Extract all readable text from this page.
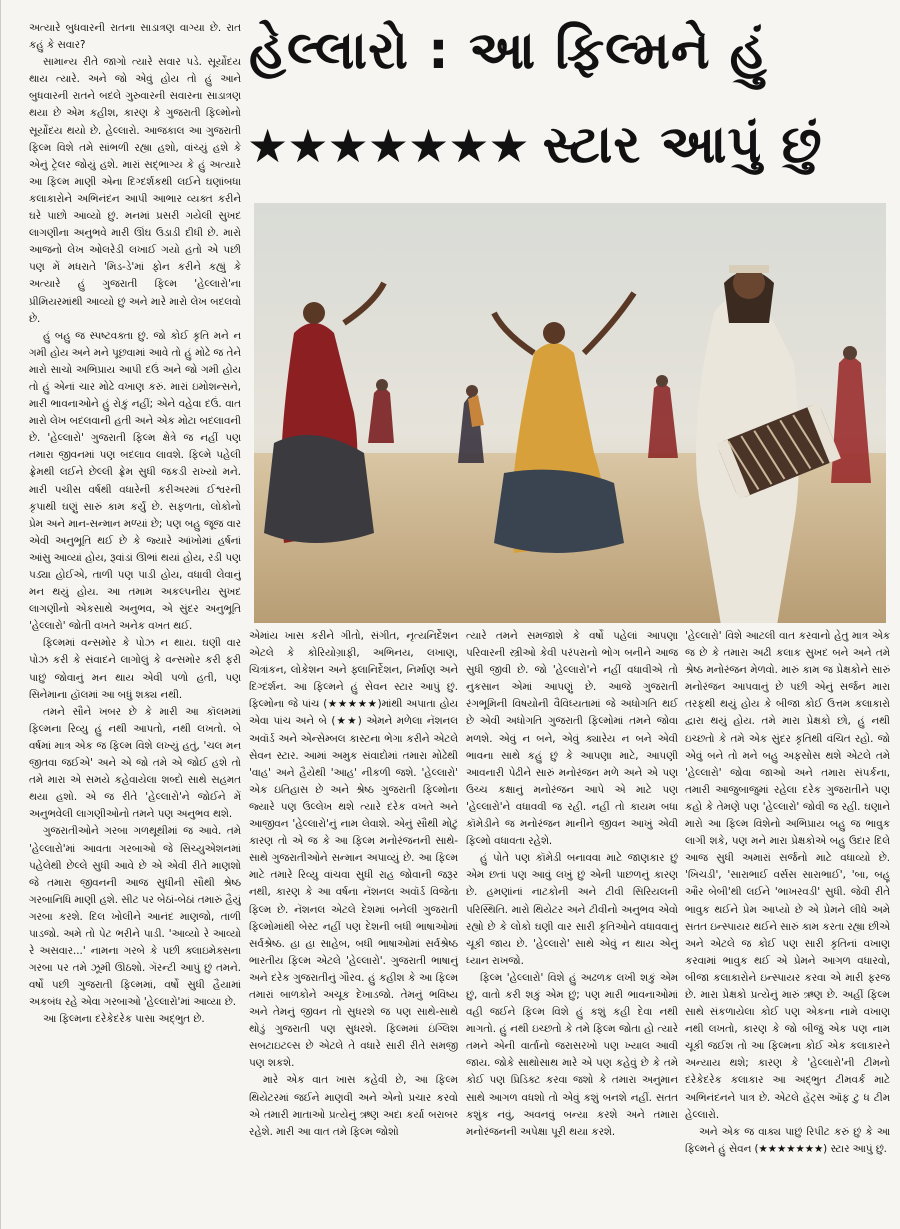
હેલ્લારો : આ ફિલ્મને હું
★★★★★★★ સ્ટાર આપું છું

અત્યારે બુધવારની રાતના સાડાત્રણ વાગ્યા છે. રાત કહું કે સવાર?

સામાન્ય રીતે જાગો ત્યારે સવાર પડે. સૂર્યોદય થાય ત્યારે. અને જો એવું હોય તો હું આને બુધવારની રાતને બદલે ગુરુવારની સવારના સાડાત્રણ થયા છે એમ કહીશ, કારણ કે ગુજરાતી ફિલ્મોનો સૂર્યોદય થયો છે. હેલ્લારો. આજકાલ આ ગુજરાતી ફિલ્મ વિશે તમે સાંભળી રહ્યા હશો, વાંચ્યું હશે કે એનું ટ્રેલર જોયું હશે. મારાં સદ્‌ભાગ્ય કે હું અત્યારે આ ફિલ્મ માણી એના દિગ્દર્શકથી લઈને ઘણાંબધા કલાકારોને અભિનંદન આપી આભાર વ્યક્ત કરીને ઘરે પાછો આવ્યો છું. મનમાં પ્રસરી ગયેલી સુખદ લાગણીના અનુભવે મારી ઊંઘ ઉડાડી દીધી છે. મારો આજનો લેખ ઓલરેડી લખાઈ ગયો હતો એ પછી પણ મેં મધરાતે 'મિડ-ડે'માં ફોન કરીને કહ્યું કે અત્યારે હું ગુજરાતી ફિલ્મ 'હેલ્લારો'ના પ્રીમિયરમાંથી આવ્યો છું અને મારે મારો લેખ બદલવો છે.

હું બહુ જ સ્પષ્ટવક્તા છું. જો કોઈ કૃતિ મને ન ગમી હોય અને મને પૂછવામાં આવે તો હું મોઢે જ તેને મારો સાચો અભિપ્રાય આપી દઉં અને જો ગમી હોય તો હું એનાં ચાર મોઢે વખાણ કરું. મારાં ઇમોશન્સને, મારી ભાવનાઓને હું રોકું નહીં; એને વહેવા દઉં. વાત મારો લેખ બદલવાની હતી અને એક મોટા બદલાવની છે. 'હેલ્લારો' ગુજરાતી ફિલ્મ ક્ષેત્રે જ નહીં પણ તમારા જીવનમાં પણ બદલાવ લાવશે. ફિલ્મે પહેલી ફ્રેમથી લઈને છેલ્લી ફ્રેમ સુધી જકડી રાખ્યો મને. મારી પચીસ વર્ષથી વધારેની કરીઅરમાં ઈશ્વરની કૃપાથી ઘણું સારું કામ કર્યું છે. સફળતા, લોકોનો પ્રેમ અને માન-સન્માન મળ્યાં છે; પણ બહુ જૂજ વાર એવી અનુભૂતિ થઈ છે કે જ્યારે આંખોમાં હર્ષનાં આંસુ આવ્યાં હોય, રૂવાંડાં ઊભાં થયાં હોય, રડી પણ પડ્યા હોઈએ, તાળી પણ પાડી હોય, વધાવી લેવાનું મન થયું હોય. આ તમામ અકલ્પનીય સુખદ લાગણીનો એકસાથે અનુભવ, એ સુંદર અનુભૂતિ 'હેલ્લારો' જોતી વખતે અનેક વખત થઈ.

ફિલ્મમાં વન્સમોર કે પોઝ ન થાય. ઘણી વાર પોઝ કરી કે સંવાદને લાગોલું કે વન્સમોર કરી ફરી પાછું જોવાનું મન થાય એવી પળો હતી, પણ સિનેમાના હૉલમાં આ બધું શક્ય નથી.

તમને સૌને ખબર છે કે મારી આ કૉલમમાં ફિલ્મના રિવ્યુ હું નથી આપતો, નથી લખતો. બે વર્ષમાં માત્ર એક જ ફિલ્મ વિશે લખ્યું હતું, 'ચલ મન જીતવા જઈએ' અને એ જો તમે એ જોઈ હશે તો તમે મારા એ સમયે કહેવાયેલા શબ્દો સાથે સહમત થયા હશો. એ જ રીતે 'હેલ્લારો'ને જોઈને મેં અનુભવેલી લાગણીઓનો તમને પણ અનુભવ થશે.

ગુજરાતીઓને ગરબા ગળથૂથીમાં જ આવે. તમે 'હેલ્લારો'માં આવતા ગરબાઓ જે સિચ્યુએશનમાં પહેલેથી છેલ્લે સુધી આવે છે એ એવી રીતે માણશો જે તમારા જીવનની આજ સુધીની સૌથી શ્રેષ્ઠ ગરબાનિધિ માણી હશે. સીટ પર બેઠાં-બેઠાં તમારું હૈયું ગરબા કરશે. દિલ ખોલીને આનંદ માણજો, તાળી પાડજો. અમે તો પેટ ભરીને પાડી. 'આવ્યો રે આવ્યો રે અસવાર...' નામના ગરબે કે પછી ક્લાઇમેક્સના ગરબા પર તમે ઝૂમી ઊઠશો. ગૅરન્ટી આપું છું તમને. વર્ષો પછી ગુજરાતી ફિલ્મમાં, વર્ષો સુધી હૈયામાં અકબંધ રહે એવા ગરબાઓ 'હેલ્લારો'માં આવ્યા છે.

આ ફિલ્મના દરેકેદરેક પાસા અદ્‌ભુત છે.

એમાંય ખાસ કરીને ગીતો, સંગીત, નૃત્યનિર્દેશન એટલે કે કોરિયોગ્રાફી, અભિનય, લખાણ, ચિત્રાંકન, લોકેશન અને ફ્લાનિર્દેશન, નિર્માણ અને દિગ્દર્શન. આ ફિલ્મને હું સેવન સ્ટાર આપું છું. ફિલ્મોના જે પાંચ (★★★★★)માંથી અપાતા હોય એવા પાંચ અને બે (★★) એમને મળેલા નૅશનલ અવૉર્ડ અને એન્સેમ્બલ કાસ્ટના ભેગા કરીને એટલે સેવન સ્ટાર. આમાં અમુક સંવાદોમાં તમારા મોઢેથી 'વાહ' અને હૈયેથી 'આહ' નીકળી જશે. 'હેલ્લારો' એક ઇતિહાસ છે અને શ્રેષ્ઠ ગુજરાતી ફિલ્મોના જ્યારે પણ ઉલ્લેખ થશે ત્યારે દરેક વખતે અને આજીવન 'હેલ્લારો'નું નામ લેવાશે. એનું સૌથી મોટું કારણ તો એ જ કે આ ફિલ્મ મનોરંજનની સાથે-સાથે ગુજરાતીઓને સન્માન અપાવ્યું છે. આ ફિલ્મ માટે તમારે રિવ્યુ વાંચવા સુધી રાહ જોવાની જરૂર નથી, કારણ કે આ વર્ષના નૅશનલ અવૉર્ડ વિજેતા ફિલ્મ છે. નૅશનલ એટલે દેશમાં બનેલી ગુજરાતી ફિલ્મોમાંથી બેસ્ટ નહીં પણ દેશની બધી ભાષાઓમાં સર્વશ્રેષ્ઠ. હા હા સાહેબ, બધી ભાષાઓમાં સર્વશ્રેષ્ઠ ભારતીય ફિલ્મ એટલે 'હેલ્લારો'. ગુજરાતી ભાષાનું અને દરેક ગુજરાતીનું ગૌરવ. હું કહીશ કે આ ફિલ્મ તમારાં બાળકોને અચૂક દેખાડજો. તેમનું ભવિષ્ય અને તેમનું જીવન તો સુધરશે જ પણ સાથે-સાથે થોડું ગુજરાતી પણ સુધરશે. ફિલ્મમાં ઇંગ્લિશ સબટાઇટલ્સ છે એટલે તે વધારે સારી રીતે સમજી પણ શકશે.

મારે એક વાત ખાસ કહેવી છે, આ ફિલ્મ થિયેટરમાં જઈને માણવી અને એનો પ્રચાર કરવો એ તમારી માતાઓ પ્રત્યેનું ઋણ અદા કર્યા બરાબર રહેશે. મારી આ વાત તમે ફિલ્મ જોશો

ત્યારે તમને સમજાશે કે વર્ષો પહેલાં આપણા પરિવારની સ્ત્રીઓ કેવી પરંપરાનો ભોગ બનીને આજ સુધી જીવી છે. જો 'હેલ્લારો'ને નહીં વધાવીએ તો નુકસાન એમાં આપણું છે. આજે ગુજરાતી રંગભૂમિની વિષયોની વૈવિધ્યતામાં જે અધોગતિ થઈ છે એવી અધોગતિ ગુજરાતી ફિલ્મોમાં તમને જોવા મળશે. એવું ન બને, એવું ક્યારેય ન બને એવી ભાવના સાથે કહું છું કે આપણા માટે, આપણી આવનારી પેઢીને સારું મનોરંજન મળે અને એ પણ ઉચ્ચ કક્ષાનું મનોરંજન આપે એ માટે પણ 'હેલ્લારો'ને વધાવવી જ રહી. નહીં તો કાયમ બધા કૉમેડીને જ મનોરંજન માનીને જીવન આખું એવી ફિલ્મો વધાવતા રહેશે.

હું પોતે પણ કૉમેડી બનાવવા માટે જાણકાર છું એમ છતાં પણ આવું લખું છું એની પાછળનું કારણ છે. હમણાંનાં નાટકોની અને ટીવી સિરિયલની પરિસ્થિતિ. મારો થિયેટર અને ટીવીનો અનુભવ એવો રહ્યો છે કે લોકો ઘણી વાર સારી કૃતિઓને વધાવવાનું ચૂકી જાય છે. 'હેલ્લારો' સાથે એવું ન થાય એનું ધ્યાન રાખજો.

ફિલ્મ 'હેલ્લારો' વિશે હું અઢળક લખી શકું એમ છું, વાતો કરી શકું એમ છું; પણ મારી ભાવનાઓમાં વહી જઈને ફિલ્મ વિશે હું કશું કહી દેવા નથી માગતો. હું નથી ઇચ્છતો કે તમે ફિલ્મ જોતા હો ત્યારે તમને એની વાર્તાનો જરાસરખો પણ ખ્યાલ આવી જાય. જોકે સાથોસાથ મારે એ પણ કહેવું છે કે તમે કોઈ પણ પ્રિડિક્ટ કરવા જશો કે તમારા અનુમાન સાથે આગળ વધશો તો એવું કશું બનશે નહીં. સતત કશુંક નવું, અવનવું બન્યા કરશે અને તમારા મનોરંજનની અપેક્ષા પૂરી થયા કરશે.

'હેલ્લારો' વિશે આટલી વાત કરવાનો હેતુ માત્ર એક જ છે કે તમારા અઢી કલાક સુખદ બને અને તમે શ્રેષ્ઠ મનોરંજન મેળવો. મારું કામ જ પ્રેક્ષકોને સારું મનોરંજન આપવાનું છે પછી એનું સર્જન મારા તરફથી થયું હોય કે બીજા કોઈ ઉત્તમ કલાકારો દ્વારા થયું હોય. તમે મારા પ્રેક્ષકો છો, હું નથી ઇચ્છતો કે તમે એક સુંદર કૃતિથી વંચિત રહો. જો એવું બને તો મને બહુ અફસોસ થશે એટલે તમે 'હેલ્લારો' જોવા જાઓ અને તમારા સંપર્કના, તમારી આજુબાજુમાં રહેલા દરેક ગુજરાતીને પણ કહો કે તેમણે પણ 'હેલ્લારો' જોવી જ રહી. ઘણાને મારો આ ફિલ્મ વિશેનો અભિપ્રાય બહુ જ ભાવુક લાગી શકે, પણ મને મારા પ્રેક્ષકોએ બહુ ઉદાર દિલે આજ સુધી અમારાં સર્જનો માટે વધાવ્યો છે. 'ખિચડી', 'સારાભાઈ વર્સસ સારાભાઈ', 'બા, બહૂ ઔર બેબી'થી લઈને 'ભાખરવડી' સુધી. જેવી રીતે ભાવુક થઈને પ્રેમ આપ્યો છે એ પ્રેમને લીધે અમે સતત ઇન્સ્પાયર થઈને સારું કામ કરતા રહ્યા છીએ અને એટલે જ કોઈ પણ સારી કૃતિનાં વખાણ કરવામાં ભાવુક થઈ એ પ્રેમને આગળ વધારવો, બીજા કલાકારોને ઇન્સ્પાયર કરવા એ મારી ફરજ છે. મારા પ્રેક્ષકો પ્રત્યેનું મારું ઋણ છે. અહીં ફિલ્મ સાથે સંકળાયેલા કોઈ પણ એકના નામે વખાણ નથી લખતો, કારણ કે જો બીજું એક પણ નામ ચૂકી જઈશ તો આ ફિલ્મના કોઈ એક કલાકારને અન્યાય થશે; કારણ કે 'હેલ્લારો'ની ટીમનો દરેકેદરેક કલાકાર આ અદ્‌ભુત ટીમવર્ક માટે અભિનંદનને પાત્ર છે. એટલે હૅટ્સ ઑફ ટુ ધ ટીમ હેલ્લારો.

અને એક જ વાક્ય પાછું રિપીટ કરું છું કે આ ફિલ્મને હું સેવન (★★★★★★★) સ્ટાર આપું છું.
